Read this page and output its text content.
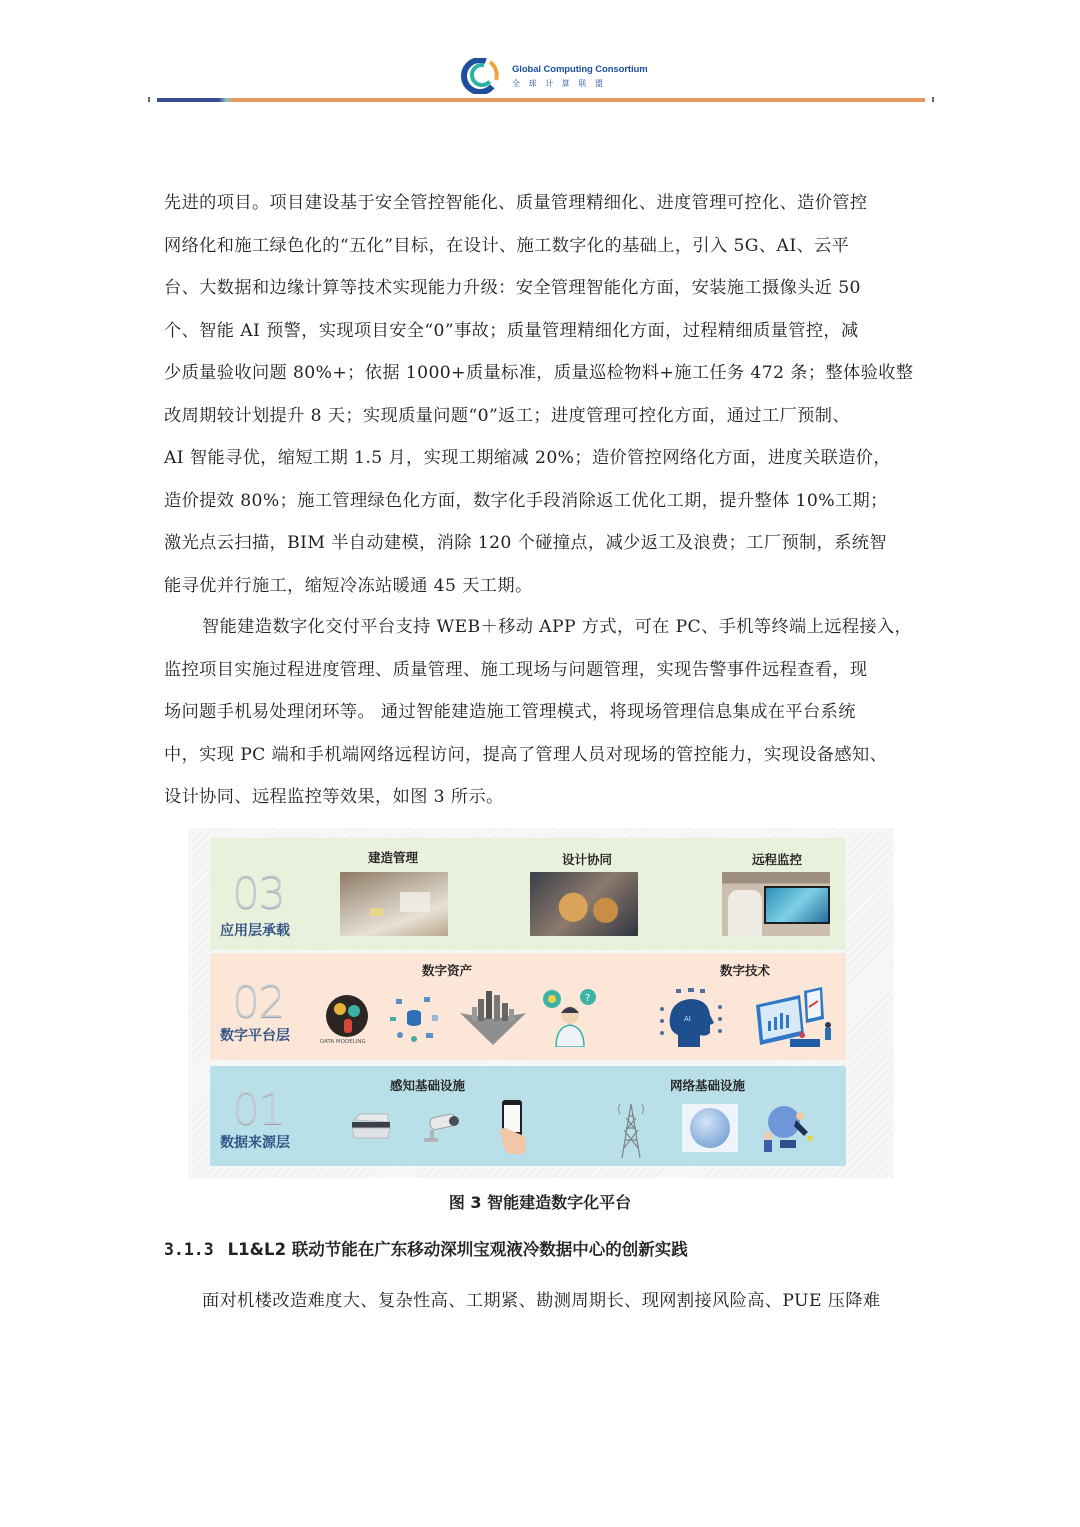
Global Computing Consortium
全球计算联盟

先进的项目。项目建设基于安全管控智能化、质量管理精细化、进度管理可控化、造价管控

网络化和施工绿色化的“五化”目标，在设计、施工数字化的基础上，引入 5G、AI、云平

台、大数据和边缘计算等技术实现能力升级：安全管理智能化方面，安装施工摄像头近 50

个、智能 AI 预警，实现项目安全“0”事故；质量管理精细化方面，过程精细质量管控，减

少质量验收问题 80%+；依据 1000+质量标准，质量巡检物料+施工任务 472 条；整体验收整

改周期较计划提升 8 天；实现质量问题“0”返工；进度管理可控化方面，通过工厂预制、

AI 智能寻优，缩短工期 1.5 月，实现工期缩减 20%；造价管控网络化方面，进度关联造价，

造价提效 80%；施工管理绿色化方面，数字化手段消除返工优化工期，提升整体 10%工期；

激光点云扫描，BIM 半自动建模，消除 120 个碰撞点，减少返工及浪费；工厂预制，系统智

能寻优并行施工，缩短冷冻站暖通 45 天工期。

智能建造数字化交付平台支持 WEB＋移动 APP 方式，可在 PC、手机等终端上远程接入，

监控项目实施过程进度管理、质量管理、施工现场与问题管理，实现告警事件远程查看，现

场问题手机易处理闭环等。 通过智能建造施工管理模式，将现场管理信息集成在平台系统

中，实现 PC 端和手机端网络远程访问，提高了管理人员对现场的管控能力，实现设备感知、

设计协同、远程监控等效果，如图 3 所示。

03
应用层承载
建造管理	设计协同	远程监控
02
数字平台层
数字资产
DATA MODELING
?
数字技术
AI
01
数据来源层
感知基础设施	网络基础设施
图 3 智能建造数字化平台
3.1.3 L1&L2 联动节能在广东移动深圳宝观液冷数据中心的创新实践

面对机楼改造难度大、复杂性高、工期紧、勘测周期长、现网割接风险高、PUE 压降难
